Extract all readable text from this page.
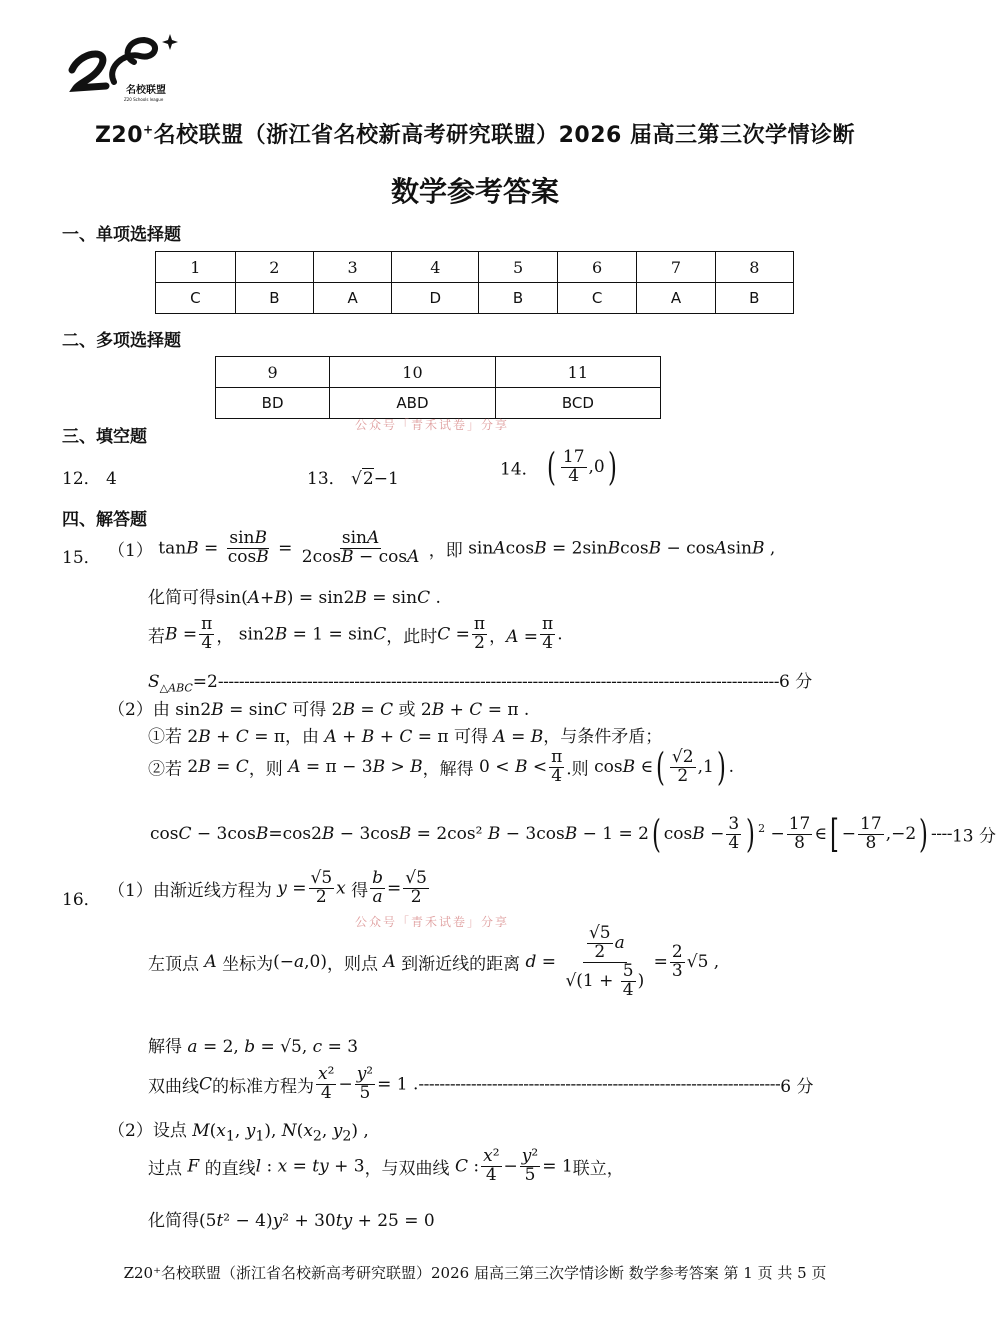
名校联盟
Z20 Schools league
Z20+名校联盟（浙江省名校新高考研究联盟）2026 届高三第三次学情诊断
数学参考答案
一、单项选择题
1	2	3	4	5	6	7	8
C	B	A	D	B	C	A	B
二、多项选择题
9	10	11
BD	ABD	BCD
公众号「青禾试卷」分享
三、填空题
12． 4	13． √2−1	14． ( $\frac{17}{4} ,0$)
四、解答题
15． （1） $\tan B = \frac{\sin B}{\cos B} = \frac{\sin A}{2\cos B - \cos A}$ ，即 sinAcosB = 2sinBcosB − cosAsinB ,
化简可得sin(A+B) = sin2B = sinC .
若$B = \frac{\pi}{4}$ ， sin2B = 1 = sinC，此时$C = \frac{\pi}{2}$ ，$A = \frac{\pi}{4}$ .
$S_{\triangle ABC}=2-----------------------------------------------------------------------------------------------------------6$ 分
（2）由 sin2B = sinC 可得 2B = C 或 2B + C = π .
①若 2B + C = π，由 A + B + C = π 可得 A = B，与条件矛盾；
②若 2B = C，则 A = π − 3B > B，解得 $0 < B < \frac{\pi}{4}$ .则 cosB ∈( $\frac{√2}{2} ,1$) .
cosC − 3cosB=cos2B − 3cosB = 2cos² B − 3cosB − 1 = 2( $\cos B - \frac{3}{4}$ ) $^2 - \frac{17}{8}$ ∈[ − $\frac{17}{8} ,-2$) ----13 分
16． （1）由渐近线方程为 $y = \frac{√5}{2}$ x 得 $\frac{b}{a} = \frac{√5}{2}$
公众号「青禾试卷」分享
左顶点 A 坐标为(−a,0)，则点 A 到渐近线的距离 $d = \frac{\frac{√5}{2} a}{√(1 + \frac{5}{4} )} = \frac{2}{3} √5$ ,
解得 a = 2, b = √5, c = 3
双曲线C的标准方程为 $\frac{\text{x²}}{4} - \frac{\text{y²}}{5} = 1$ .---------------------------------------------------------------------6 分
（2）设点 $M(x_1$, $y_1$), $N(x_2$, $y_2$) ,
过点 F 的直线l : x = ty + 3，与双曲线 C : $\frac{\text{x²}}{4} - \frac{\text{y²}}{5} = 1$联立，
化简得(5t² − 4)y² + 30ty + 25 = 0
Z20⁺名校联盟（浙江省名校新高考研究联盟）2026 届高三第三次学情诊断 数学参考答案 第 1 页 共 5 页
